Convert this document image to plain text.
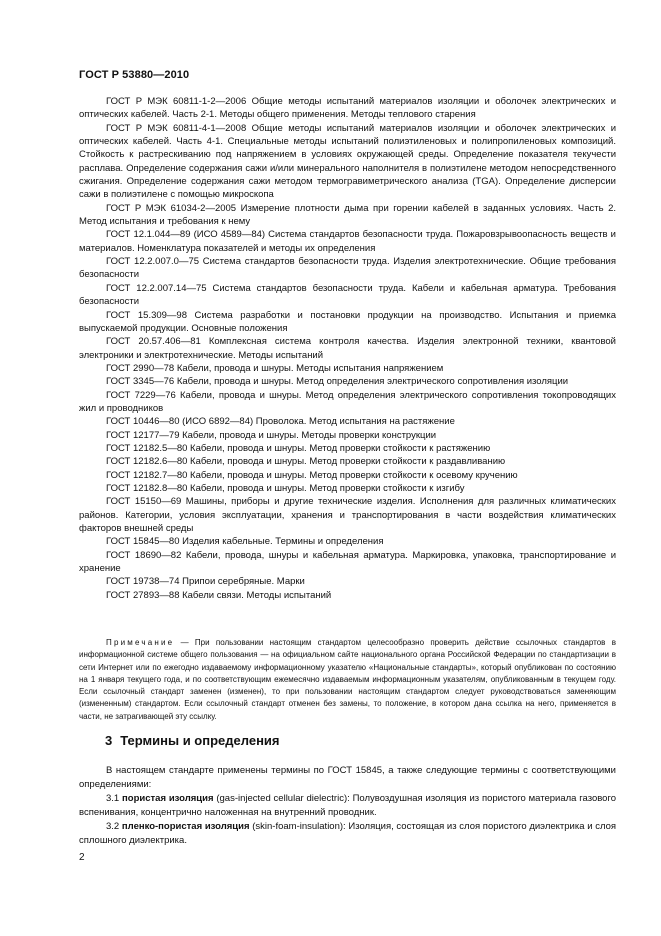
ГОСТ Р 53880—2010

ГОСТ Р МЭК 60811-1-2—2006 Общие методы испытаний материалов изоляции и оболочек электрических и оптических кабелей. Часть 2-1. Методы общего применения. Методы теплового старения

ГОСТ Р МЭК 60811-4-1—2008 Общие методы испытаний материалов изоляции и оболочек электрических и оптических кабелей. Часть 4-1. Специальные методы испытаний полиэтиленовых и полипропиленовых композиций. Стойкость к растрескиванию под напряжением в условиях окружающей среды. Определение показателя текучести расплава. Определение содержания сажи и/или минерального наполнителя в полиэтилене методом непосредственного сжигания. Определение содержания сажи методом термогравиметрического анализа (TGA). Определение дисперсии сажи в полиэтилене с помощью микроскопа

ГОСТ Р МЭК 61034-2—2005 Измерение плотности дыма при горении кабелей в заданных условиях. Часть 2. Метод испытания и требования к нему

ГОСТ 12.1.044—89 (ИСО 4589—84) Система стандартов безопасности труда. Пожаровзрывоопасность веществ и материалов. Номенклатура показателей и методы их определения

ГОСТ 12.2.007.0—75 Система стандартов безопасности труда. Изделия электротехнические. Общие требования безопасности

ГОСТ 12.2.007.14—75 Система стандартов безопасности труда. Кабели и кабельная арматура. Требования безопасности

ГОСТ 15.309—98 Система разработки и постановки продукции на производство. Испытания и приемка выпускаемой продукции. Основные положения

ГОСТ 20.57.406—81 Комплексная система контроля качества. Изделия электронной техники, квантовой электроники и электротехнические. Методы испытаний

ГОСТ 2990—78 Кабели, провода и шнуры. Методы испытания напряжением

ГОСТ 3345—76 Кабели, провода и шнуры. Метод определения электрического сопротивления изоляции

ГОСТ 7229—76 Кабели, провода и шнуры. Метод определения электрического сопротивления токопроводящих жил и проводников

ГОСТ 10446—80 (ИСО 6892—84) Проволока. Метод испытания на растяжение

ГОСТ 12177—79 Кабели, провода и шнуры. Методы проверки конструкции

ГОСТ 12182.5—80 Кабели, провода и шнуры. Метод проверки стойкости к растяжению

ГОСТ 12182.6—80 Кабели, провода и шнуры. Метод проверки стойкости к раздавливанию

ГОСТ 12182.7—80 Кабели, провода и шнуры. Метод проверки стойкости к осевому кручению

ГОСТ 12182.8—80 Кабели, провода и шнуры. Метод проверки стойкости к изгибу

ГОСТ 15150—69 Машины, приборы и другие технические изделия. Исполнения для различных климатических районов. Категории, условия эксплуатации, хранения и транспортирования в части воздействия климатических факторов внешней среды

ГОСТ 15845—80 Изделия кабельные. Термины и определения

ГОСТ 18690—82 Кабели, провода, шнуры и кабельная арматура. Маркировка, упаковка, транспортирование и хранение

ГОСТ 19738—74 Припои серебряные. Марки

ГОСТ 27893—88 Кабели связи. Методы испытаний

Примечание — При пользовании настоящим стандартом целесообразно проверить действие ссылочных стандартов в информационной системе общего пользования — на официальном сайте национального органа Российской Федерации по стандартизации в сети Интернет или по ежегодно издаваемому информационному указателю «Национальные стандарты», который опубликован по состоянию на 1 января текущего года, и по соответствующим ежемесячно издаваемым информационным указателям, опубликованным в текущем году. Если ссылочный стандарт заменен (изменен), то при пользовании настоящим стандартом следует руководствоваться заменяющим (измененным) стандартом. Если ссылочный стандарт отменен без замены, то положение, в котором дана ссылка на него, применяется в части, не затрагивающей эту ссылку.

3 Термины и определения

В настоящем стандарте применены термины по ГОСТ 15845, а также следующие термины с соответствующими определениями:

3.1 пористая изоляция (gas-injected cellular dielectric): Полувоздушная изоляция из пористого материала газового вспенивания, концентрично наложенная на внутренний проводник.

3.2 пленко-пористая изоляция (skin-foam-insulation): Изоляция, состоящая из слоя пористого диэлектрика и слоя сплошного диэлектрика.

2
